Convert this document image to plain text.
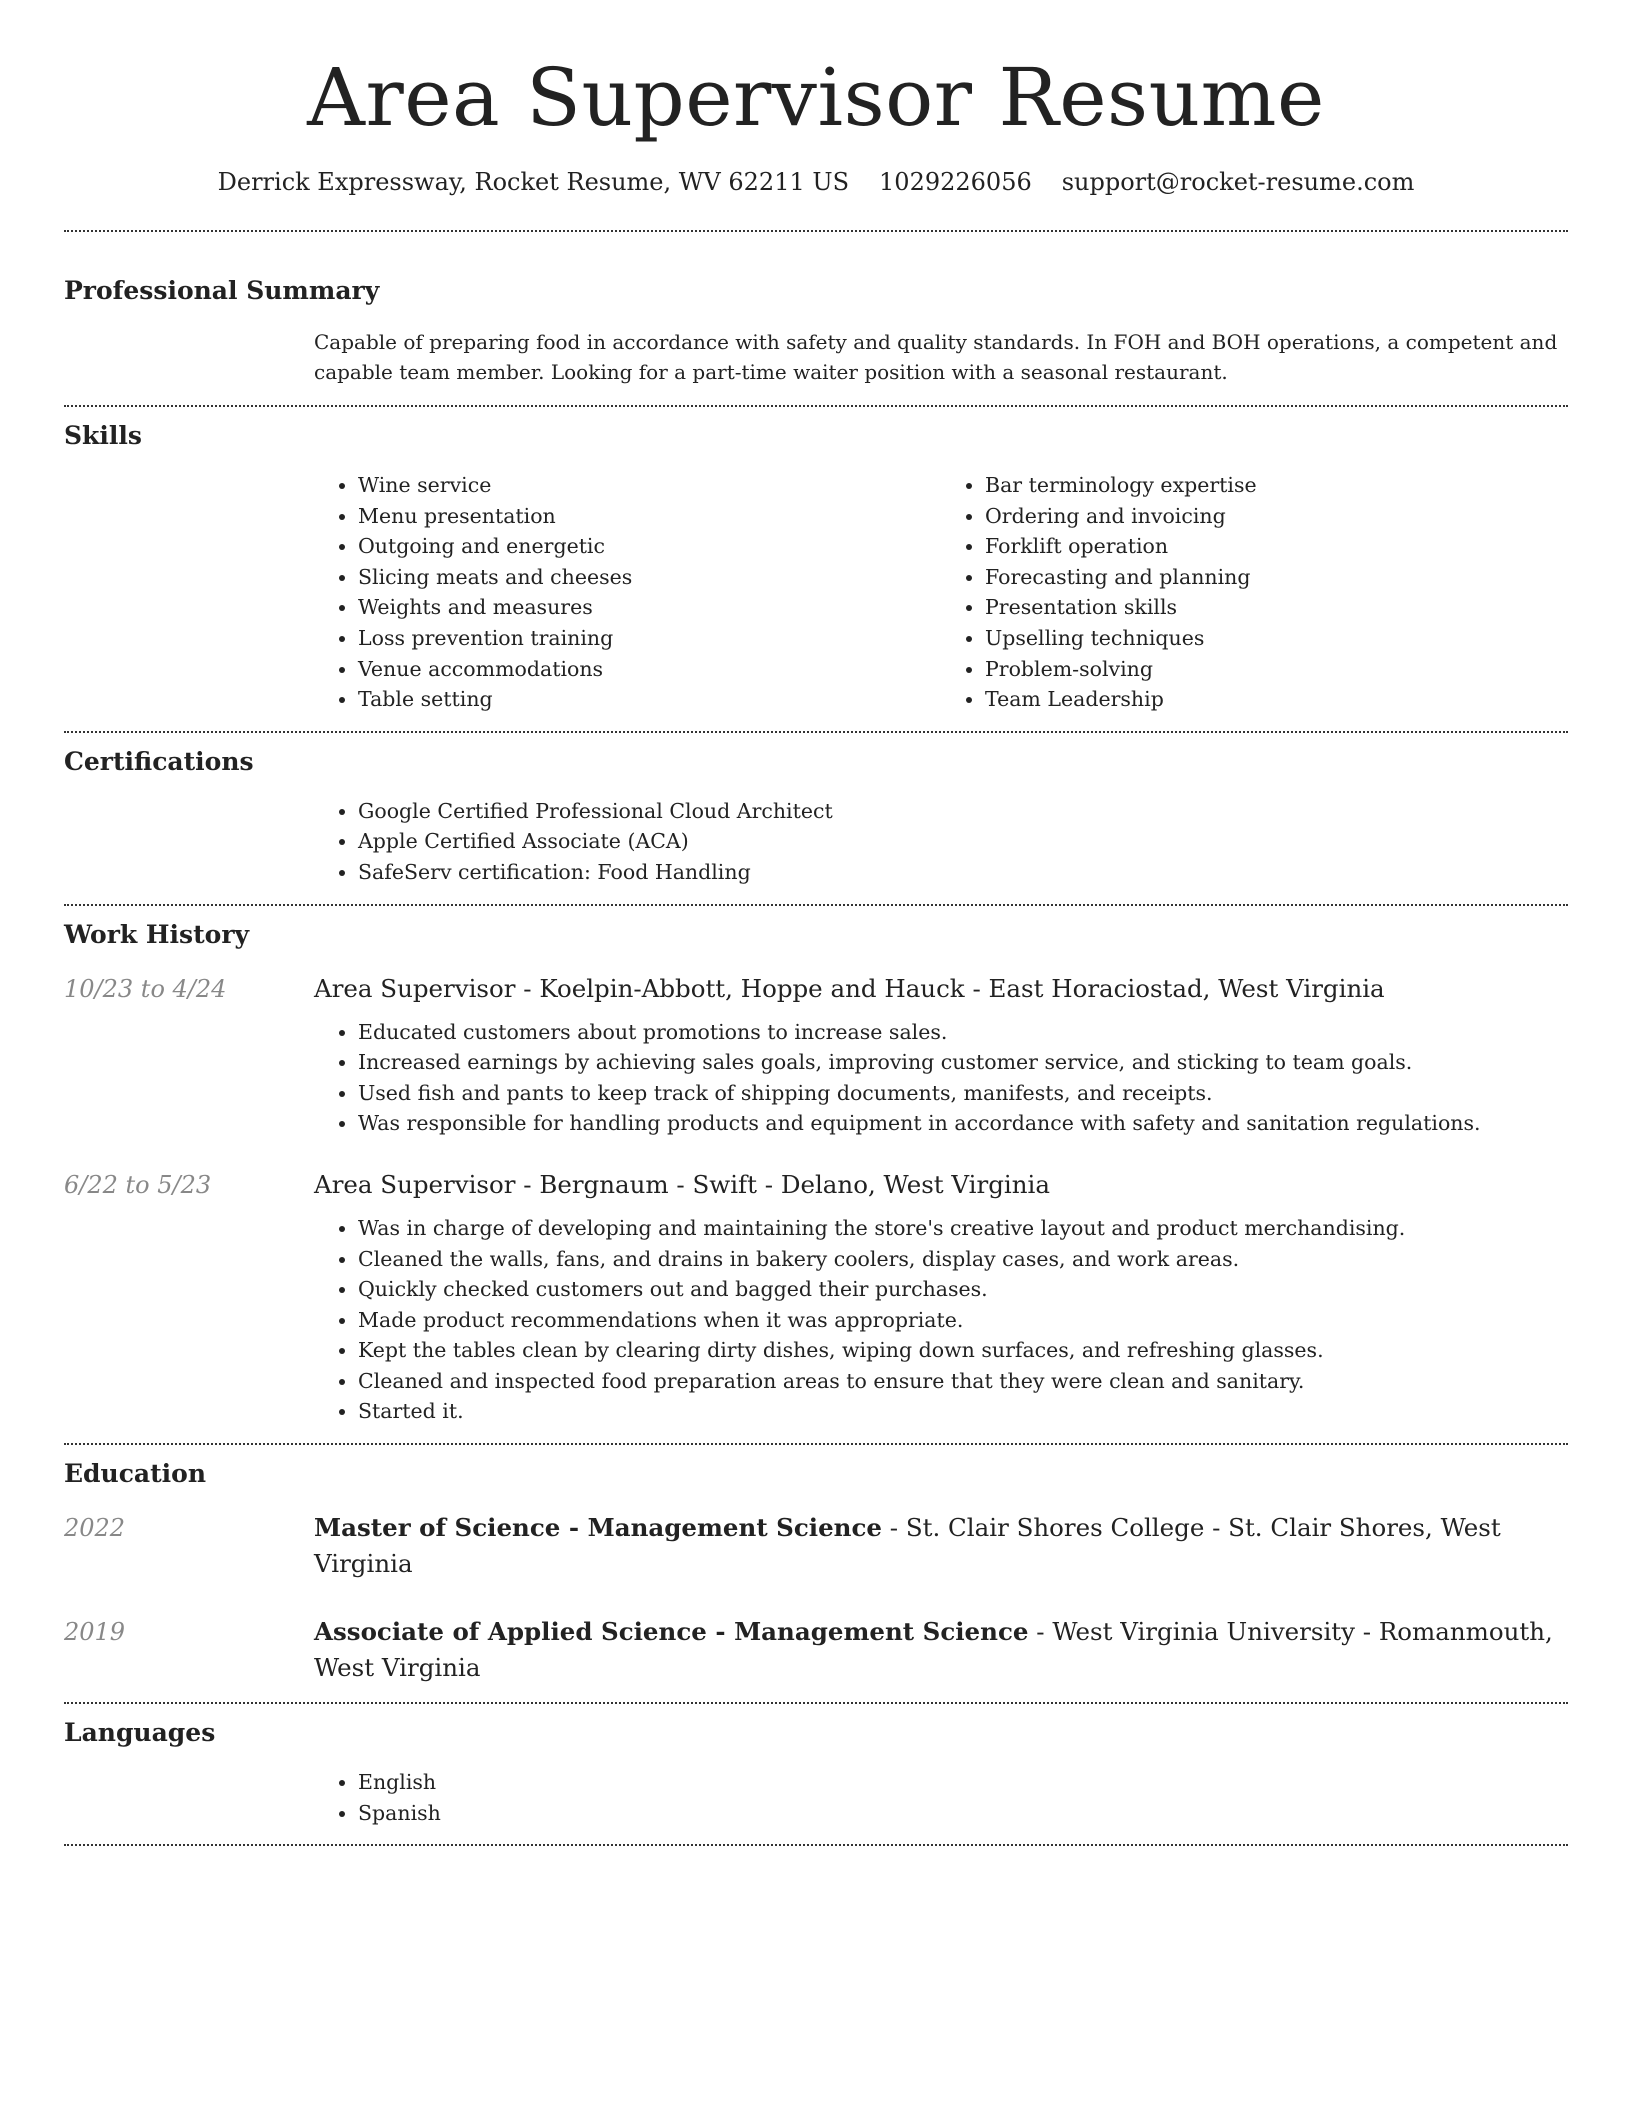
Area Supervisor Resume
Derrick Expressway, Rocket Resume, WV 62211 US 1029226056 support@rocket-resume.com
Professional Summary

Capable of preparing food in accordance with safety and quality standards. In FOH and BOH operations, a competent and capable team member. Looking for a part-time waiter position with a seasonal restaurant.

Skills
• Wine service
• Menu presentation
• Outgoing and energetic
• Slicing meats and cheeses
• Weights and measures
• Loss prevention training
• Venue accommodations
• Table setting
• Bar terminology expertise
• Ordering and invoicing
• Forklift operation
• Forecasting and planning
• Presentation skills
• Upselling techniques
• Problem-solving
• Team Leadership
Certifications
• Google Certified Professional Cloud Architect
• Apple Certified Associate (ACA)
• SafeServ certification: Food Handling
Work History
10/23 to 4/24	Area Supervisor - Koelpin-Abbott, Hoppe and Hauck - East Horaciostad, West Virginia
• Educated customers about promotions to increase sales.
• Increased earnings by achieving sales goals, improving customer service, and sticking to team goals.
• Used fish and pants to keep track of shipping documents, manifests, and receipts.
• Was responsible for handling products and equipment in accordance with safety and sanitation regulations.
6/22 to 5/23	Area Supervisor - Bergnaum - Swift - Delano, West Virginia
• Was in charge of developing and maintaining the store's creative layout and product merchandising.
• Cleaned the walls, fans, and drains in bakery coolers, display cases, and work areas.
• Quickly checked customers out and bagged their purchases.
• Made product recommendations when it was appropriate.
• Kept the tables clean by clearing dirty dishes, wiping down surfaces, and refreshing glasses.
• Cleaned and inspected food preparation areas to ensure that they were clean and sanitary.
• Started it.
Education
2022	Master of Science - Management Science - St. Clair Shores College - St. Clair Shores, West Virginia
2019	Associate of Applied Science - Management Science - West Virginia University - Romanmouth, West Virginia
Languages
• English
• Spanish
